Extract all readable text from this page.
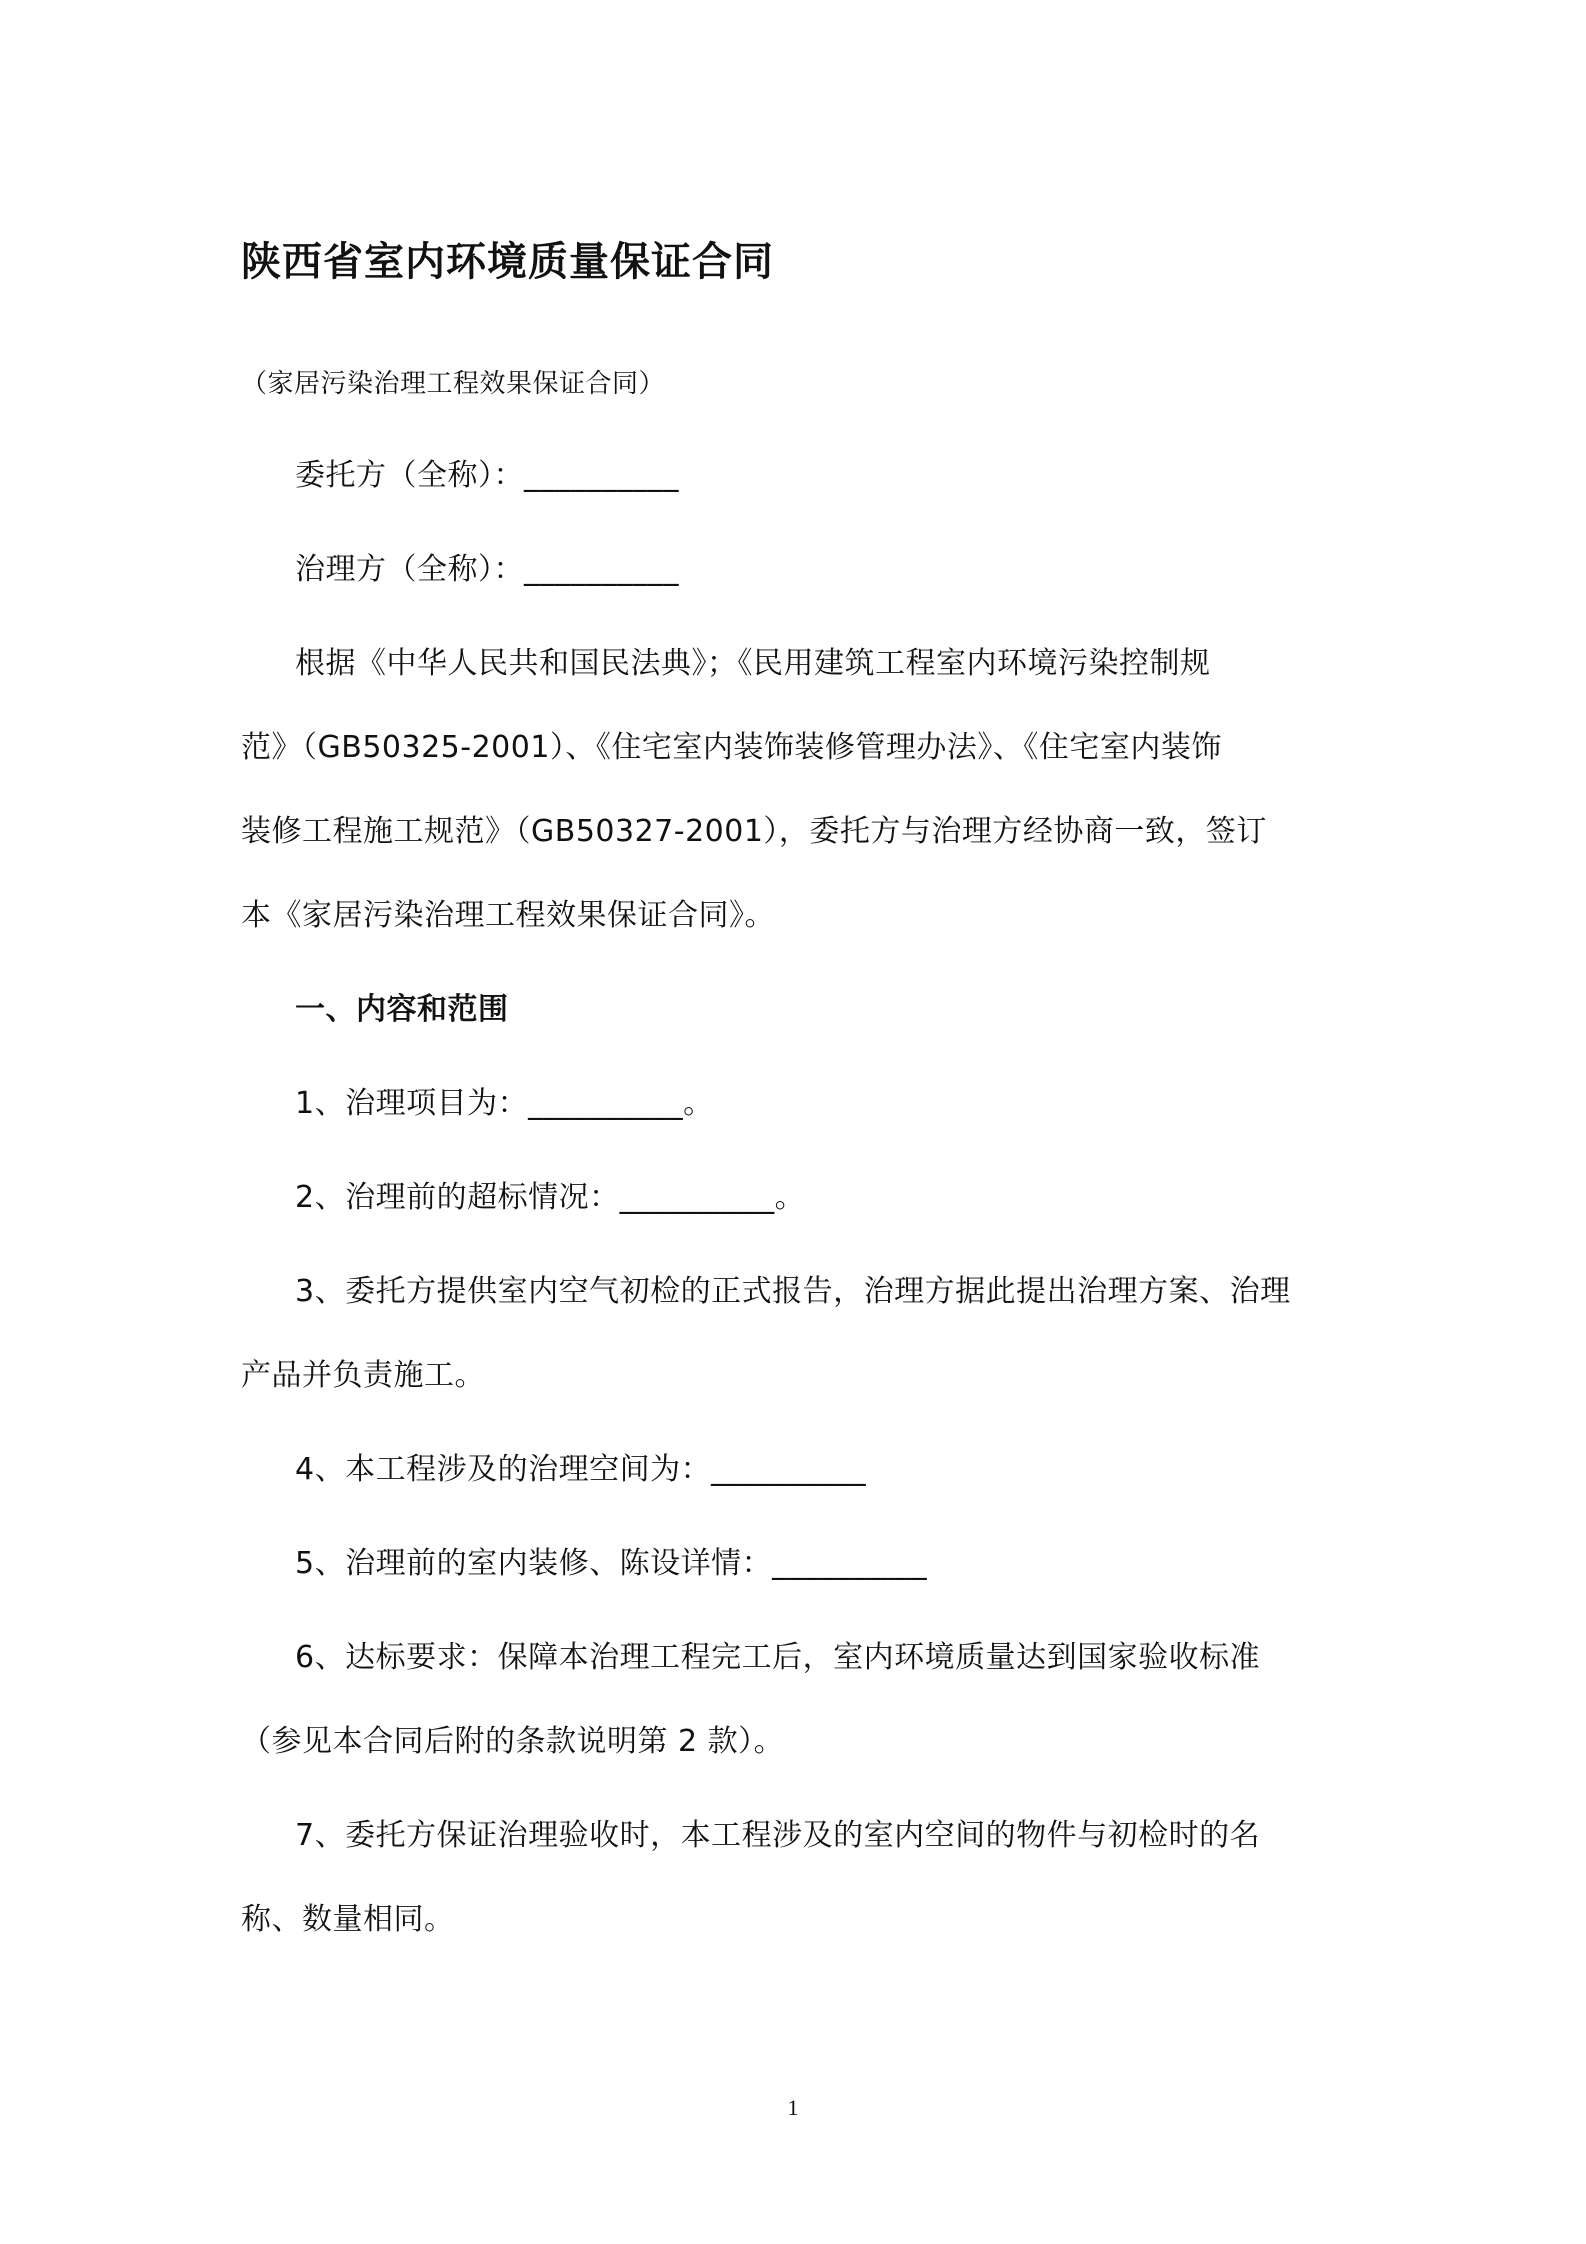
陕西省室内环境质量保证合同
（家居污染治理工程效果保证合同）
委托方（全称）：__________
治理方（全称）：__________
根据《中华人民共和国民法典》；《民用建筑工程室内环境污染控制规
范》（GB50325-2001）、《住宅室内装饰装修管理办法》、《住宅室内装饰
装修工程施工规范》（GB50327-2001），委托方与治理方经协商一致，签订
本《家居污染治理工程效果保证合同》。
一、内容和范围
1、治理项目为：__________。
2、治理前的超标情况：__________。
3、委托方提供室内空气初检的正式报告，治理方据此提出治理方案、治理
产品并负责施工。
4、本工程涉及的治理空间为：__________
5、治理前的室内装修、陈设详情：__________
6、达标要求：保障本治理工程完工后，室内环境质量达到国家验收标准
（参见本合同后附的条款说明第 2 款）。
7、委托方保证治理验收时，本工程涉及的室内空间的物件与初检时的名
称、数量相同。
1
